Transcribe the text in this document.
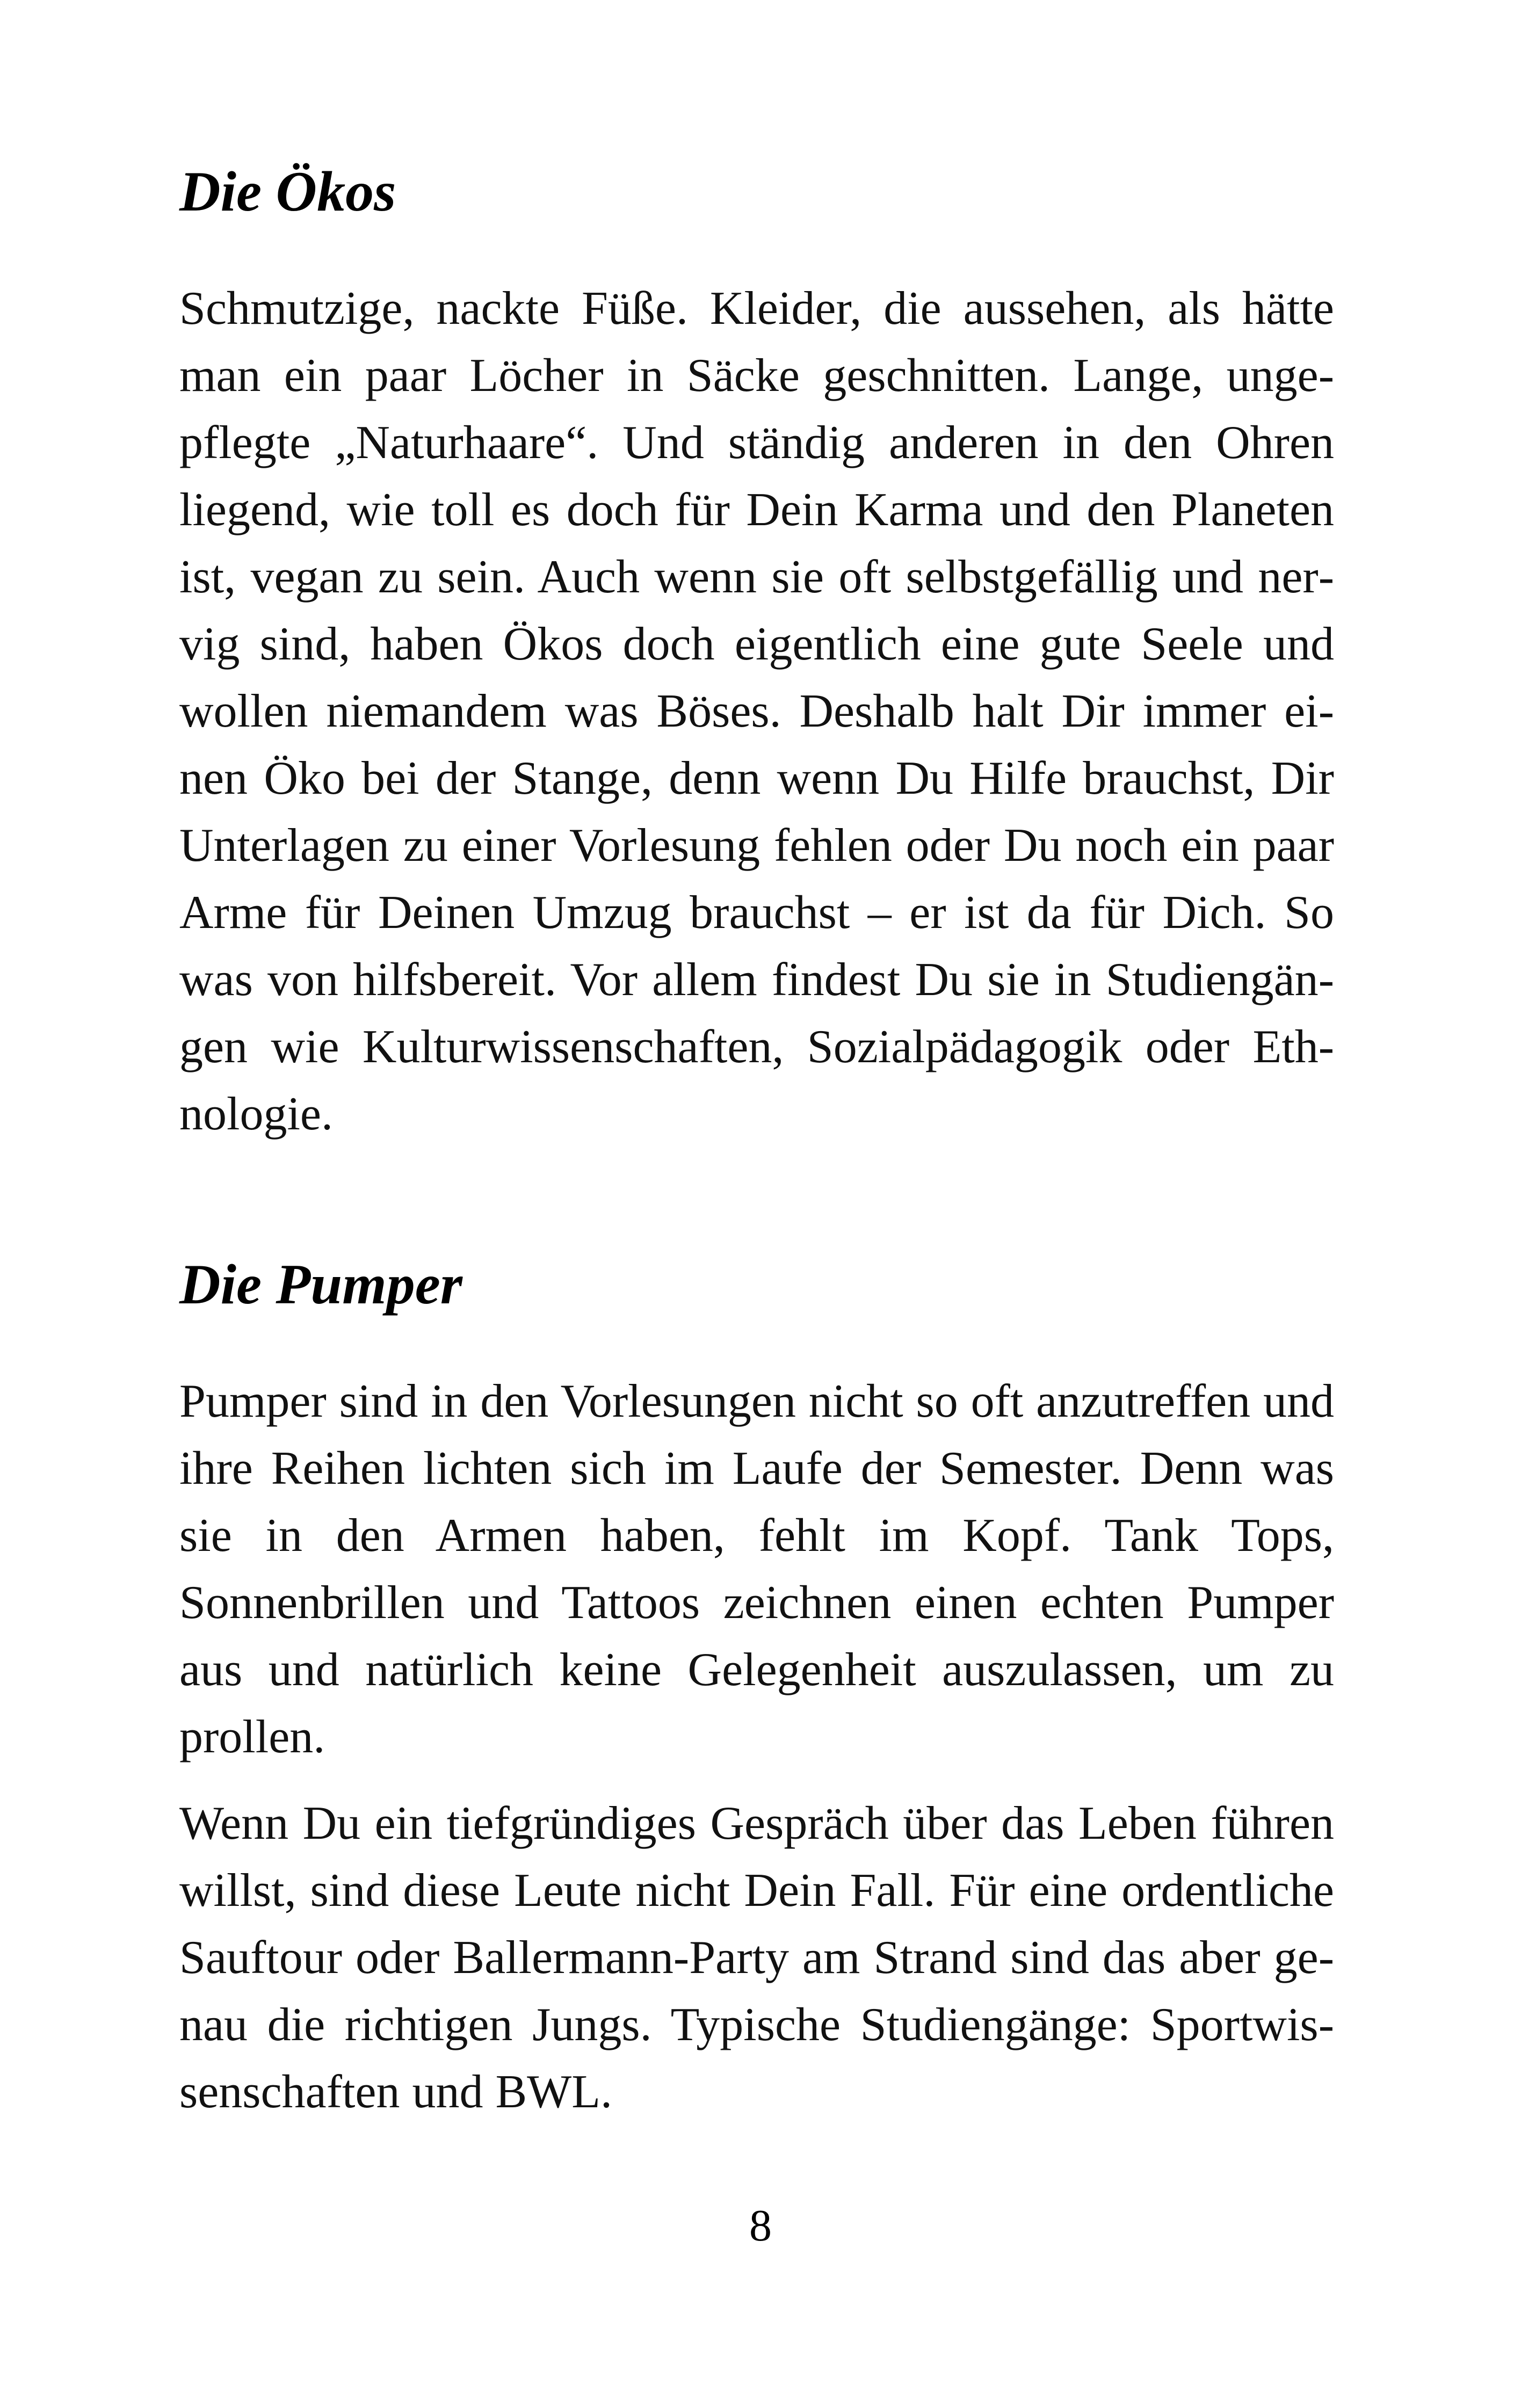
Die Ökos

Schmutzige, nackte Füße. Kleider, die aussehen, als hätte man ein paar Löcher in Säcke geschnitten. Lange, ungepflegte „Naturhaare“. Und ständig anderen in den Ohren liegend, wie toll es doch für Dein Karma und den Planeten ist, vegan zu sein. Auch wenn sie oft selbstgefällig und nervig sind, haben Ökos doch eigentlich eine gute Seele und wollen niemandem was Böses. Deshalb halt Dir immer einen Öko bei der Stange, denn wenn Du Hilfe brauchst, Dir Unterlagen zu einer Vorlesung fehlen oder Du noch ein paar Arme für Deinen Umzug brauchst – er ist da für Dich. So was von hilfsbereit. Vor allem findest Du sie in Studiengängen wie Kulturwissenschaften, Sozialpädagogik oder Ethnologie.

Die Pumper

Pumper sind in den Vorlesungen nicht so oft anzutreffen und ihre Reihen lichten sich im Laufe der Semester. Denn was sie in den Armen haben, fehlt im Kopf. Tank Tops, Sonnenbrillen und Tattoos zeichnen einen echten Pumper aus und natürlich keine Gelegenheit auszulassen, um zu prollen.

Wenn Du ein tiefgründiges Gespräch über das Leben führen willst, sind diese Leute nicht Dein Fall. Für eine ordentliche Sauftour oder Ballermann-Party am Strand sind das aber genau die richtigen Jungs. Typische Studiengänge: Sportwissenschaften und BWL.

8
